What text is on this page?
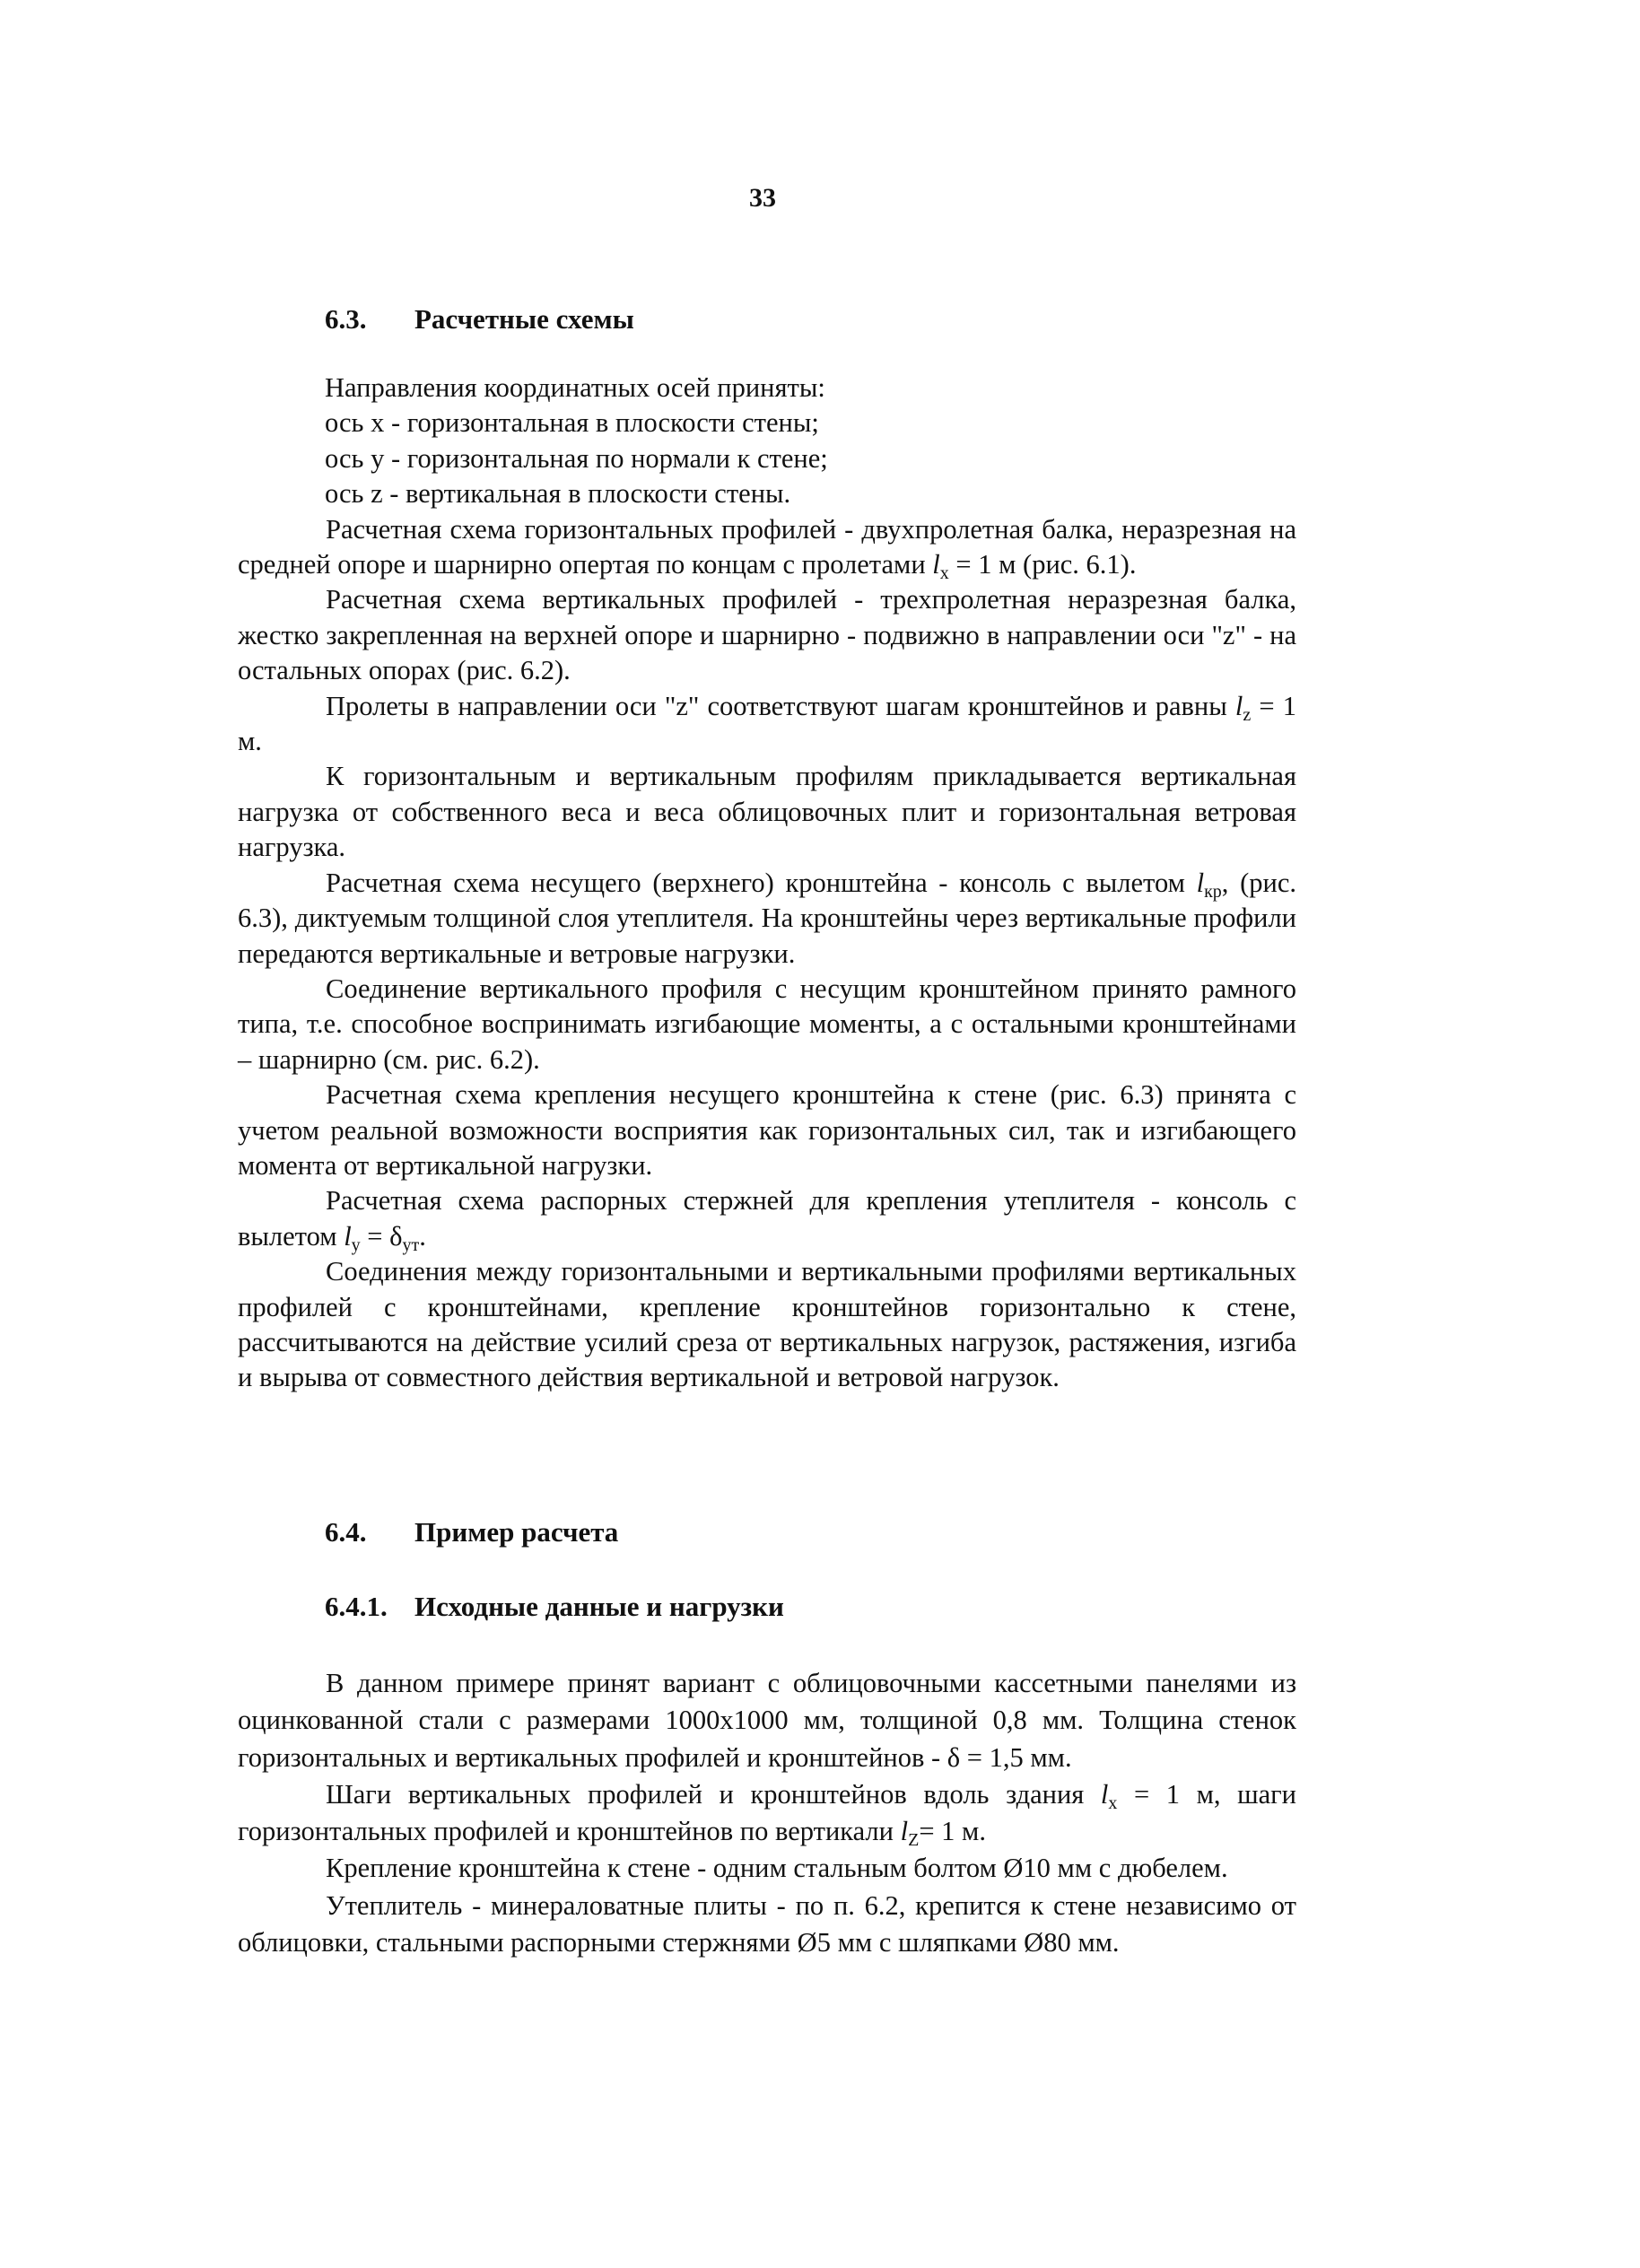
33
6.3.	Расчетные схемы

Направления координатных осей приняты:

ось x - горизонтальная в плоскости стены;

ось y - горизонтальная по нормали к стене;

ось z - вертикальная в плоскости стены.

Расчетная схема горизонтальных профилей - двухпролетная балка, неразрезная на средней опоре и шарнирно опертая по концам с пролетами $l_x = 1$ м (рис. 6.1).

Расчетная схема вертикальных профилей - трехпролетная неразрезная балка, жестко закрепленная на верхней опоре и шарнирно - подвижно в направлении оси "z" - на остальных опорах (рис. 6.2).

Пролеты в направлении оси "z" соответствуют шагам кронштейнов и равны $l_z = 1$ м.

К горизонтальным и вертикальным профилям прикладывается вертикальная нагрузка от собственного веса и веса облицовочных плит и горизонтальная ветровая нагрузка.

Расчетная схема несущего (верхнего) кронштейна - консоль с вылетом $l_{кр}$, (рис. 6.3), диктуемым толщиной слоя утеплителя. На кронштейны через вертикальные профили передаются вертикальные и ветровые нагрузки.

Соединение вертикального профиля с несущим кронштейном принято рамного типа, т.е. способное воспринимать изгибающие моменты, а с остальными кронштейнами – шарнирно (см. рис. 6.2).

Расчетная схема крепления несущего кронштейна к стене (рис. 6.3) принята с учетом реальной возможности восприятия как горизонтальных сил, так и изгибающего момента от вертикальной нагрузки.

Расчетная схема распорных стержней для крепления утеплителя - консоль с вылетом $l_y = \delta_{ут}$.

Соединения между горизонтальными и вертикальными профилями вертикальных профилей с кронштейнами, крепление кронштейнов горизонтально к стене, рассчитываются на действие усилий среза от вертикальных нагрузок, растяжения, изгиба и вырыва от совместного действия вертикальной и ветровой нагрузок.

6.4.	Пример расчета
6.4.1. Исходные данные и нагрузки

В данном примере принят вариант с облицовочными кассетными панелями из оцинкованной стали с размерами 1000x1000 мм, толщиной 0,8 мм. Толщина стенок горизонтальных и вертикальных профилей и кронштейнов - δ = 1,5 мм.

Шаги вертикальных профилей и кронштейнов вдоль здания $l_x = 1$ м, шаги горизонтальных профилей и кронштейнов по вертикали $l_Z= 1$ м.

Крепление кронштейна к стене - одним стальным болтом Ø10 мм с дюбелем.

Утеплитель - минераловатные плиты - по п. 6.2, крепится к стене независимо от облицовки, стальными распорными стержнями Ø5 мм с шляпками Ø80 мм.
